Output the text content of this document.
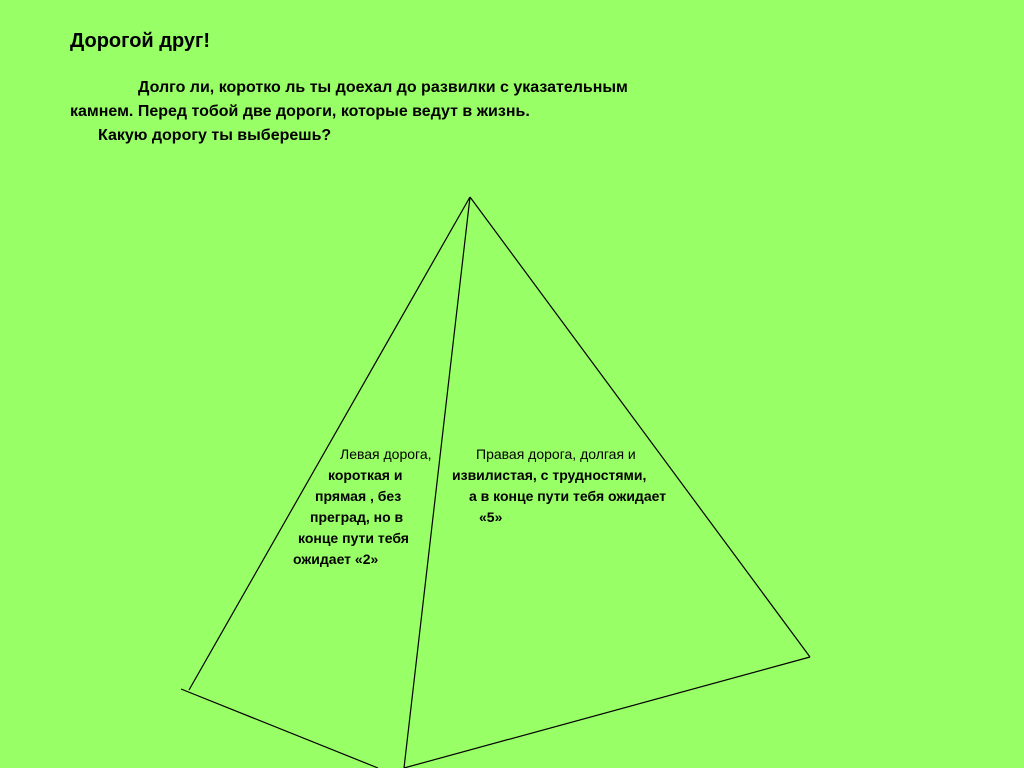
Дорогой друг!

Долго ли, коротко ль ты доехал до развилки с указательным
камнем. Перед тобой две дороги, которые ведут в жизнь.
Какую дорогу ты выберешь?

Левая дорога,
короткая и
прямая , без
преград, но в
конце пути тебя
ожидает «2»
Правая дорога, долгая и
извилистая, с трудностями,
а в конце пути тебя ожидает
«5»
